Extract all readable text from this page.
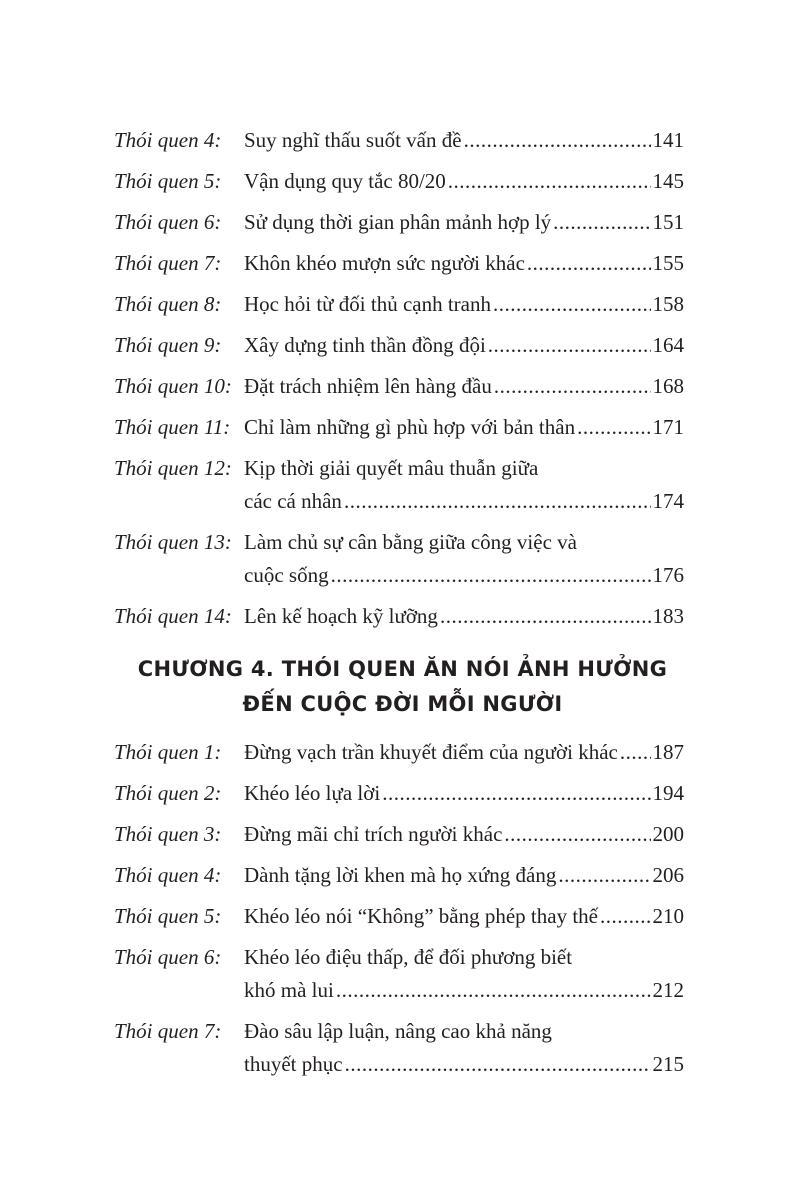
Thói quen 4:	Suy nghĩ thấu suốt vấn đề .....	141
Thói quen 5:	Vận dụng quy tắc 80/20 .....	145
Thói quen 6:	Sử dụng thời gian phân mảnh hợp lý .....	151
Thói quen 7:	Khôn khéo mượn sức người khác .....	155
Thói quen 8:	Học hỏi từ đối thủ cạnh tranh .....	158
Thói quen 9:	Xây dựng tinh thần đồng đội .....	164
Thói quen 10: Đặt trách nhiệm lên hàng đầu .....	168
Thói quen 11: Chỉ làm những gì phù hợp với bản thân .....	171
Thói quen 12: Kịp thời giải quyết mâu thuẫn giữa
các cá nhân .....	174
Thói quen 13: Làm chủ sự cân bằng giữa công việc và
cuộc sống .....	176
Thói quen 14: Lên kế hoạch kỹ lưỡng .....	183
CHƯƠNG 4. THÓI QUEN ĂN NÓI ẢNH HƯỞNG
ĐẾN CUỘC ĐỜI MỖI NGƯỜI
Thói quen 1:	Đừng vạch trần khuyết điểm của người khác ..... 187
Thói quen 2:	Khéo léo lựa lời .....	194
Thói quen 3:	Đừng mãi chỉ trích người khác .....	200
Thói quen 4:	Dành tặng lời khen mà họ xứng đáng .....	206
Thói quen 5:	Khéo léo nói “Không” bằng phép thay thế .....	210
Thói quen 6:	Khéo léo điệu thấp, để đối phương biết
khó mà lui .....	212
Thói quen 7:	Đào sâu lập luận, nâng cao khả năng
thuyết phục .....	215
